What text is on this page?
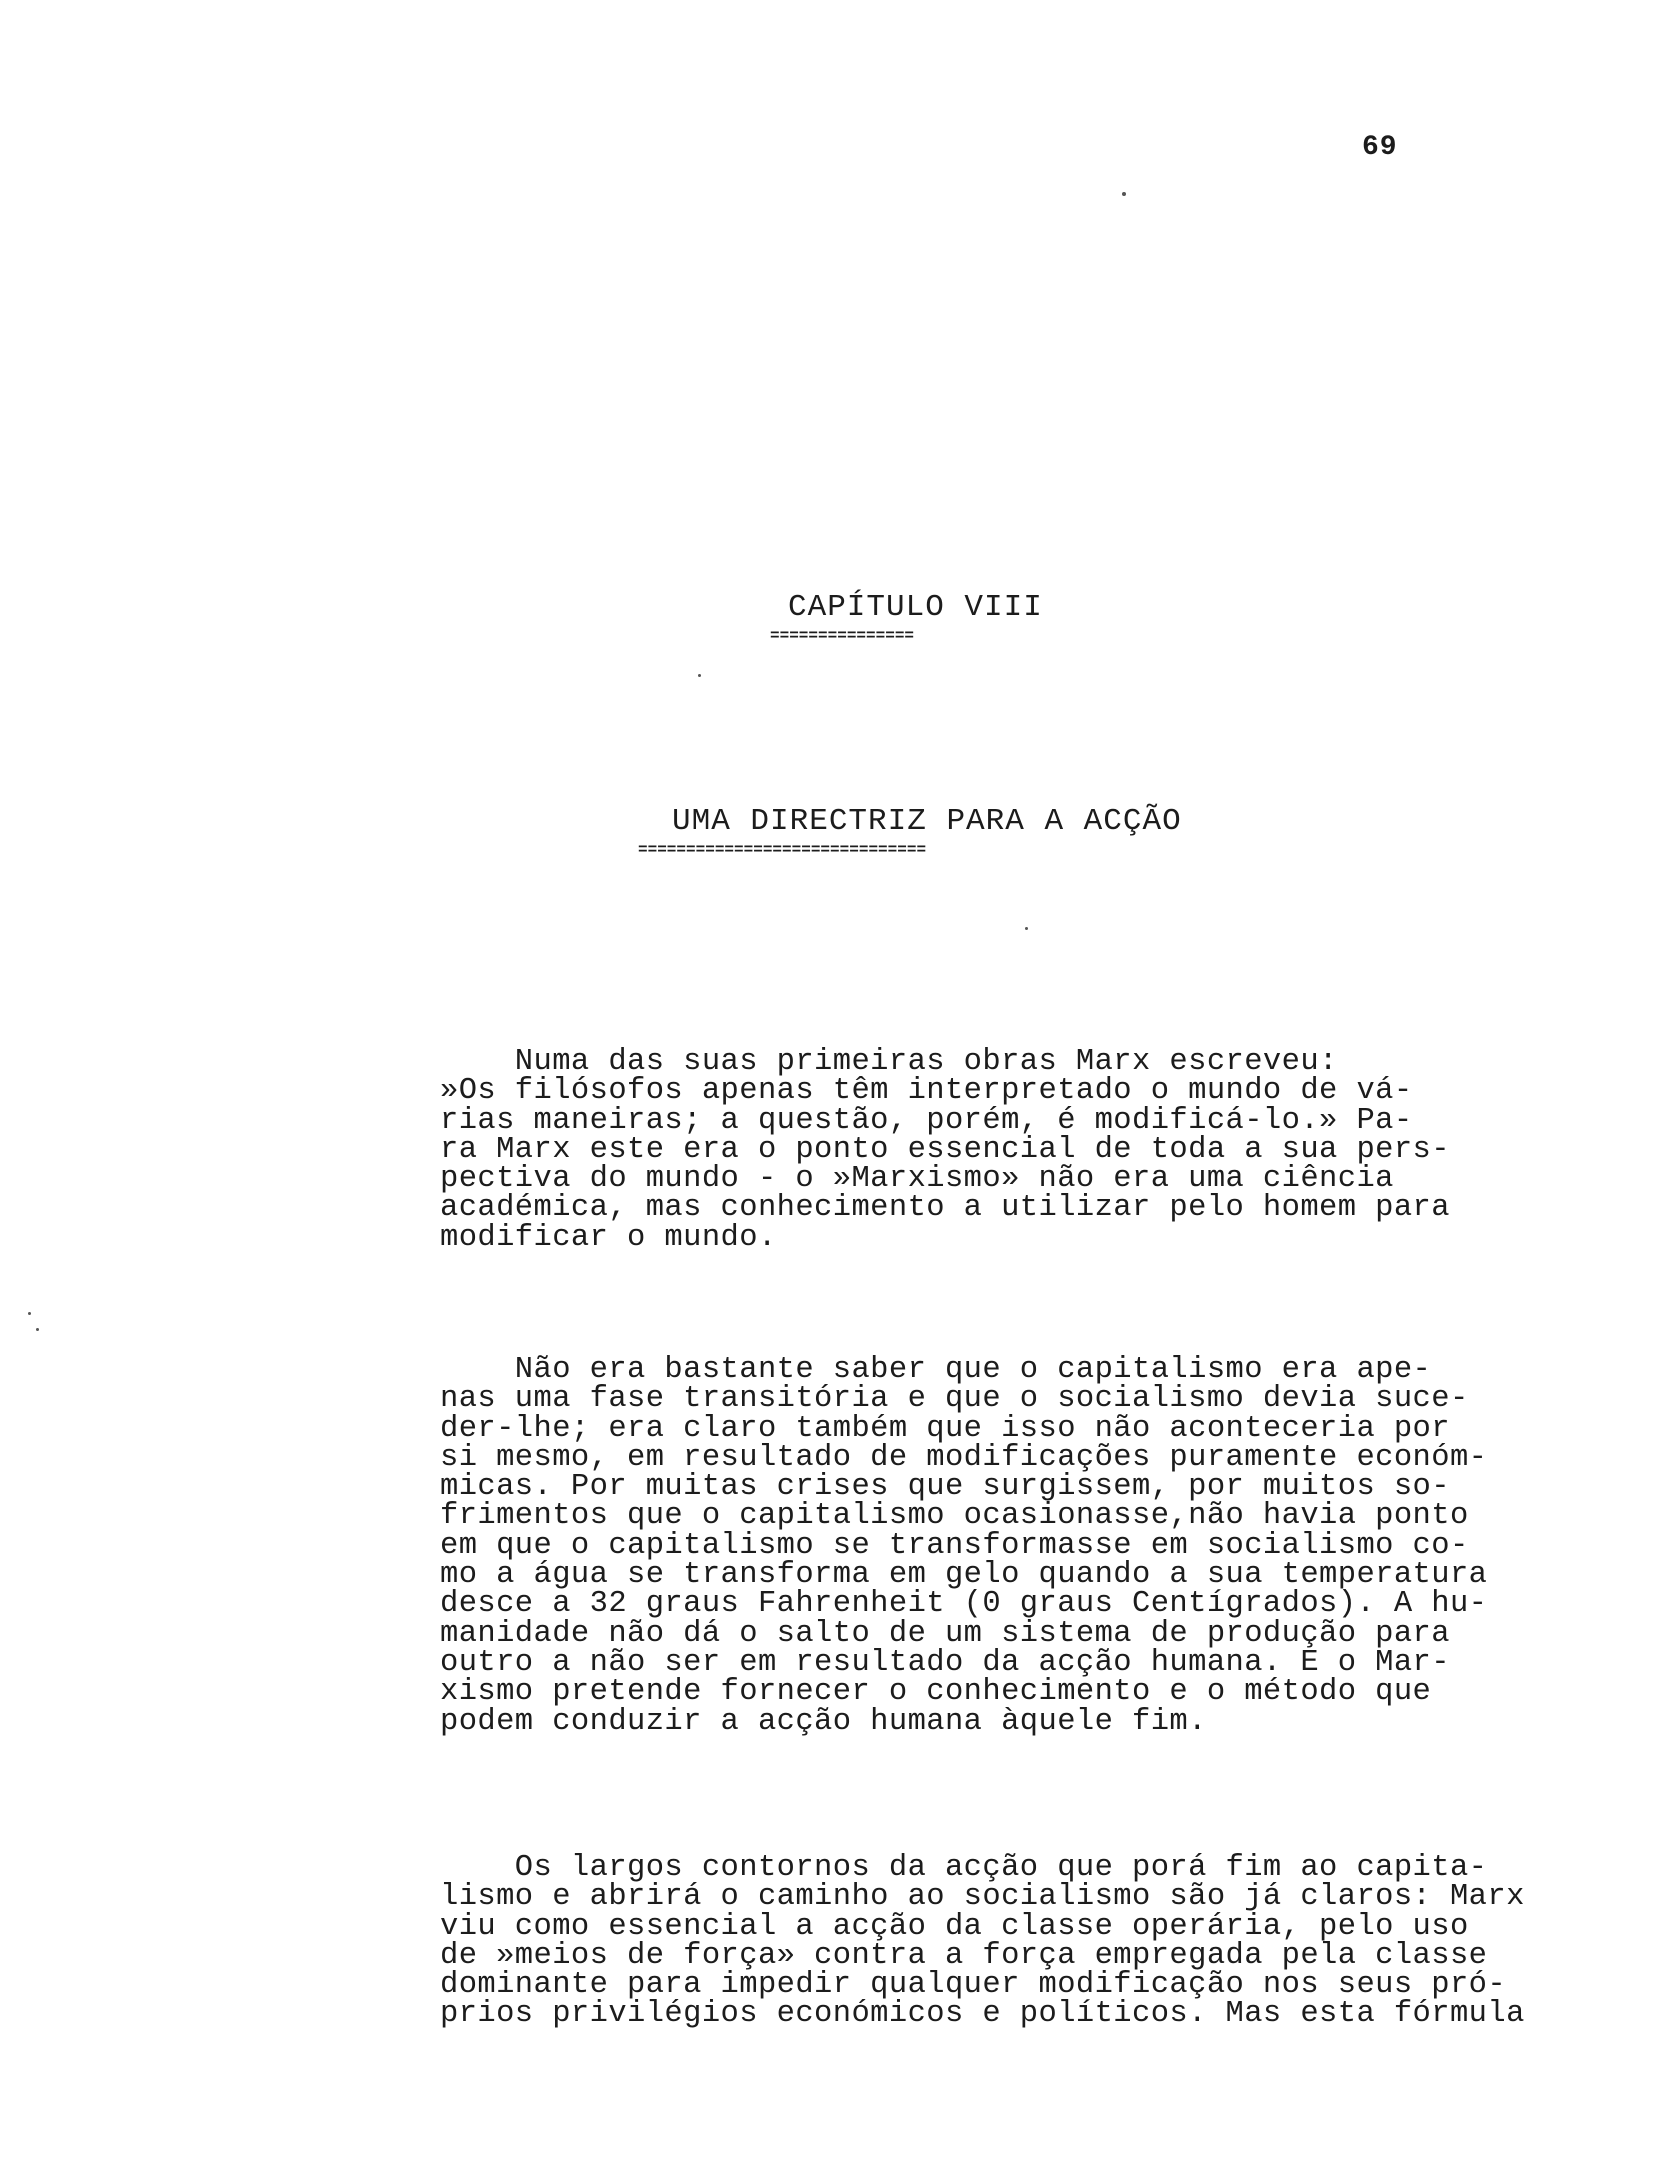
69
CAPÍTULO VIII
===============
UMA DIRECTRIZ PARA A ACÇÃO
==============================
Numa das suas primeiras obras Marx escreveu:
»Os filósofos apenas têm interpretado o mundo de vá-
rias maneiras; a questão, porém, é modificá-lo.» Pa-
ra Marx este era o ponto essencial de toda a sua pers-
pectiva do mundo - o »Marxismo» não era uma ciência
académica, mas conhecimento a utilizar pelo homem para
modificar o mundo.
Não era bastante saber que o capitalismo era ape-
nas uma fase transitória e que o socialismo devia suce-
der-lhe; era claro também que isso não aconteceria por
si mesmo, em resultado de modificações puramente económ-
micas. Por muitas crises que surgissem, por muitos so-
frimentos que o capitalismo ocasionasse,não havia ponto
em que o capitalismo se transformasse em socialismo co-
mo a água se transforma em gelo quando a sua temperatura
desce a 32 graus Fahrenheit (0 graus Centígrados). A hu-
manidade não dá o salto de um sistema de produção para
outro a não ser em resultado da acção humana. E o Mar-
xismo pretende fornecer o conhecimento e o método que
podem conduzir a acção humana àquele fim.
Os largos contornos da acção que porá fim ao capita-
lismo e abrirá o caminho ao socialismo são já claros: Marx
viu como essencial a acção da classe operária, pelo uso
de »meios de força» contra a força empregada pela classe
dominante para impedir qualquer modificação nos seus pró-
prios privilégios económicos e políticos. Mas esta fórmula
